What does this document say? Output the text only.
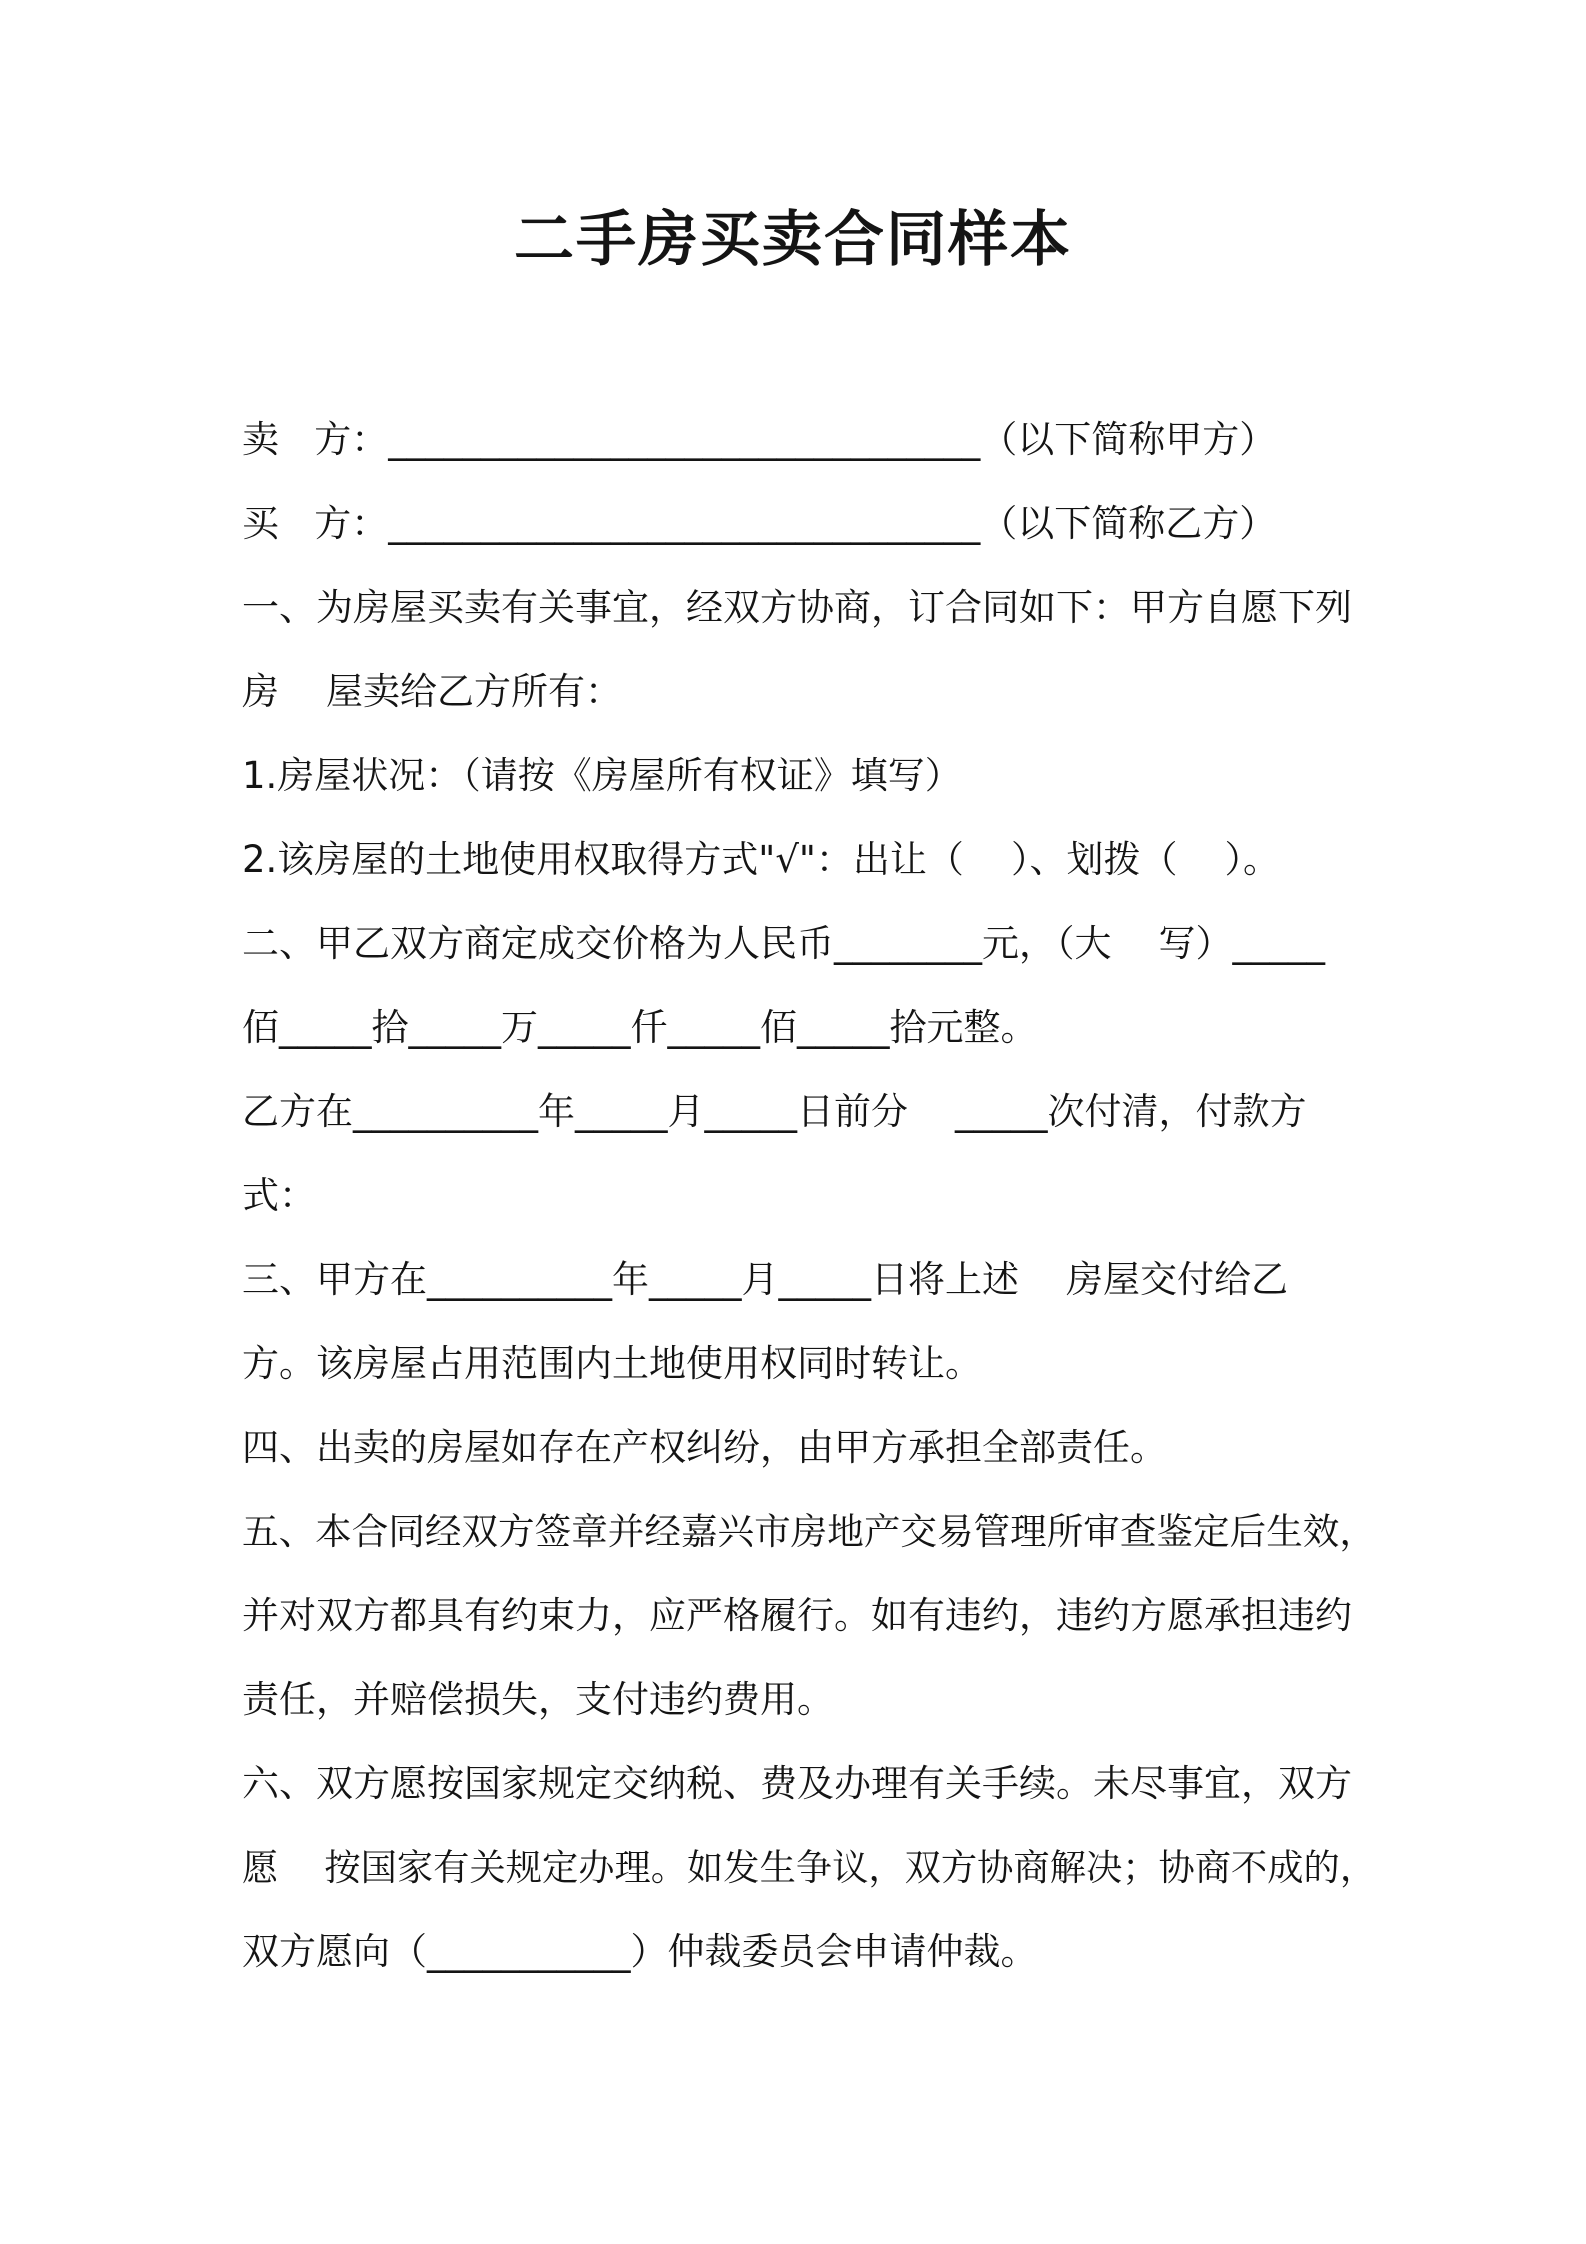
二手房买卖合同样本
卖   方：________________________________（以下简称甲方）
买   方：________________________________（以下简称乙方）
一、为房屋买卖有关事宜，经双方协商，订合同如下：甲方自愿下列
房    屋卖给乙方所有：
1.房屋状况：（请按《房屋所有权证》填写）
2.该房屋的土地使用权取得方式"√"：出让（    ）、划拨（    ）。
二、甲乙双方商定成交价格为人民币________元，（大    写）_____
佰_____拾_____万_____仟_____佰_____拾元整。
乙方在__________年_____月_____日前分    _____次付清，付款方
式：
三、甲方在__________年_____月_____日将上述    房屋交付给乙
方。该房屋占用范围内土地使用权同时转让。
四、出卖的房屋如存在产权纠纷，由甲方承担全部责任。
五、本合同经双方签章并经嘉兴市房地产交易管理所审查鉴定后生效，
并对双方都具有约束力，应严格履行。如有违约，违约方愿承担违约
责任，并赔偿损失，支付违约费用。
六、双方愿按国家规定交纳税、费及办理有关手续。未尽事宜，双方
愿    按国家有关规定办理。如发生争议，双方协商解决；协商不成的，
双方愿向（___________）仲裁委员会申请仲裁。
